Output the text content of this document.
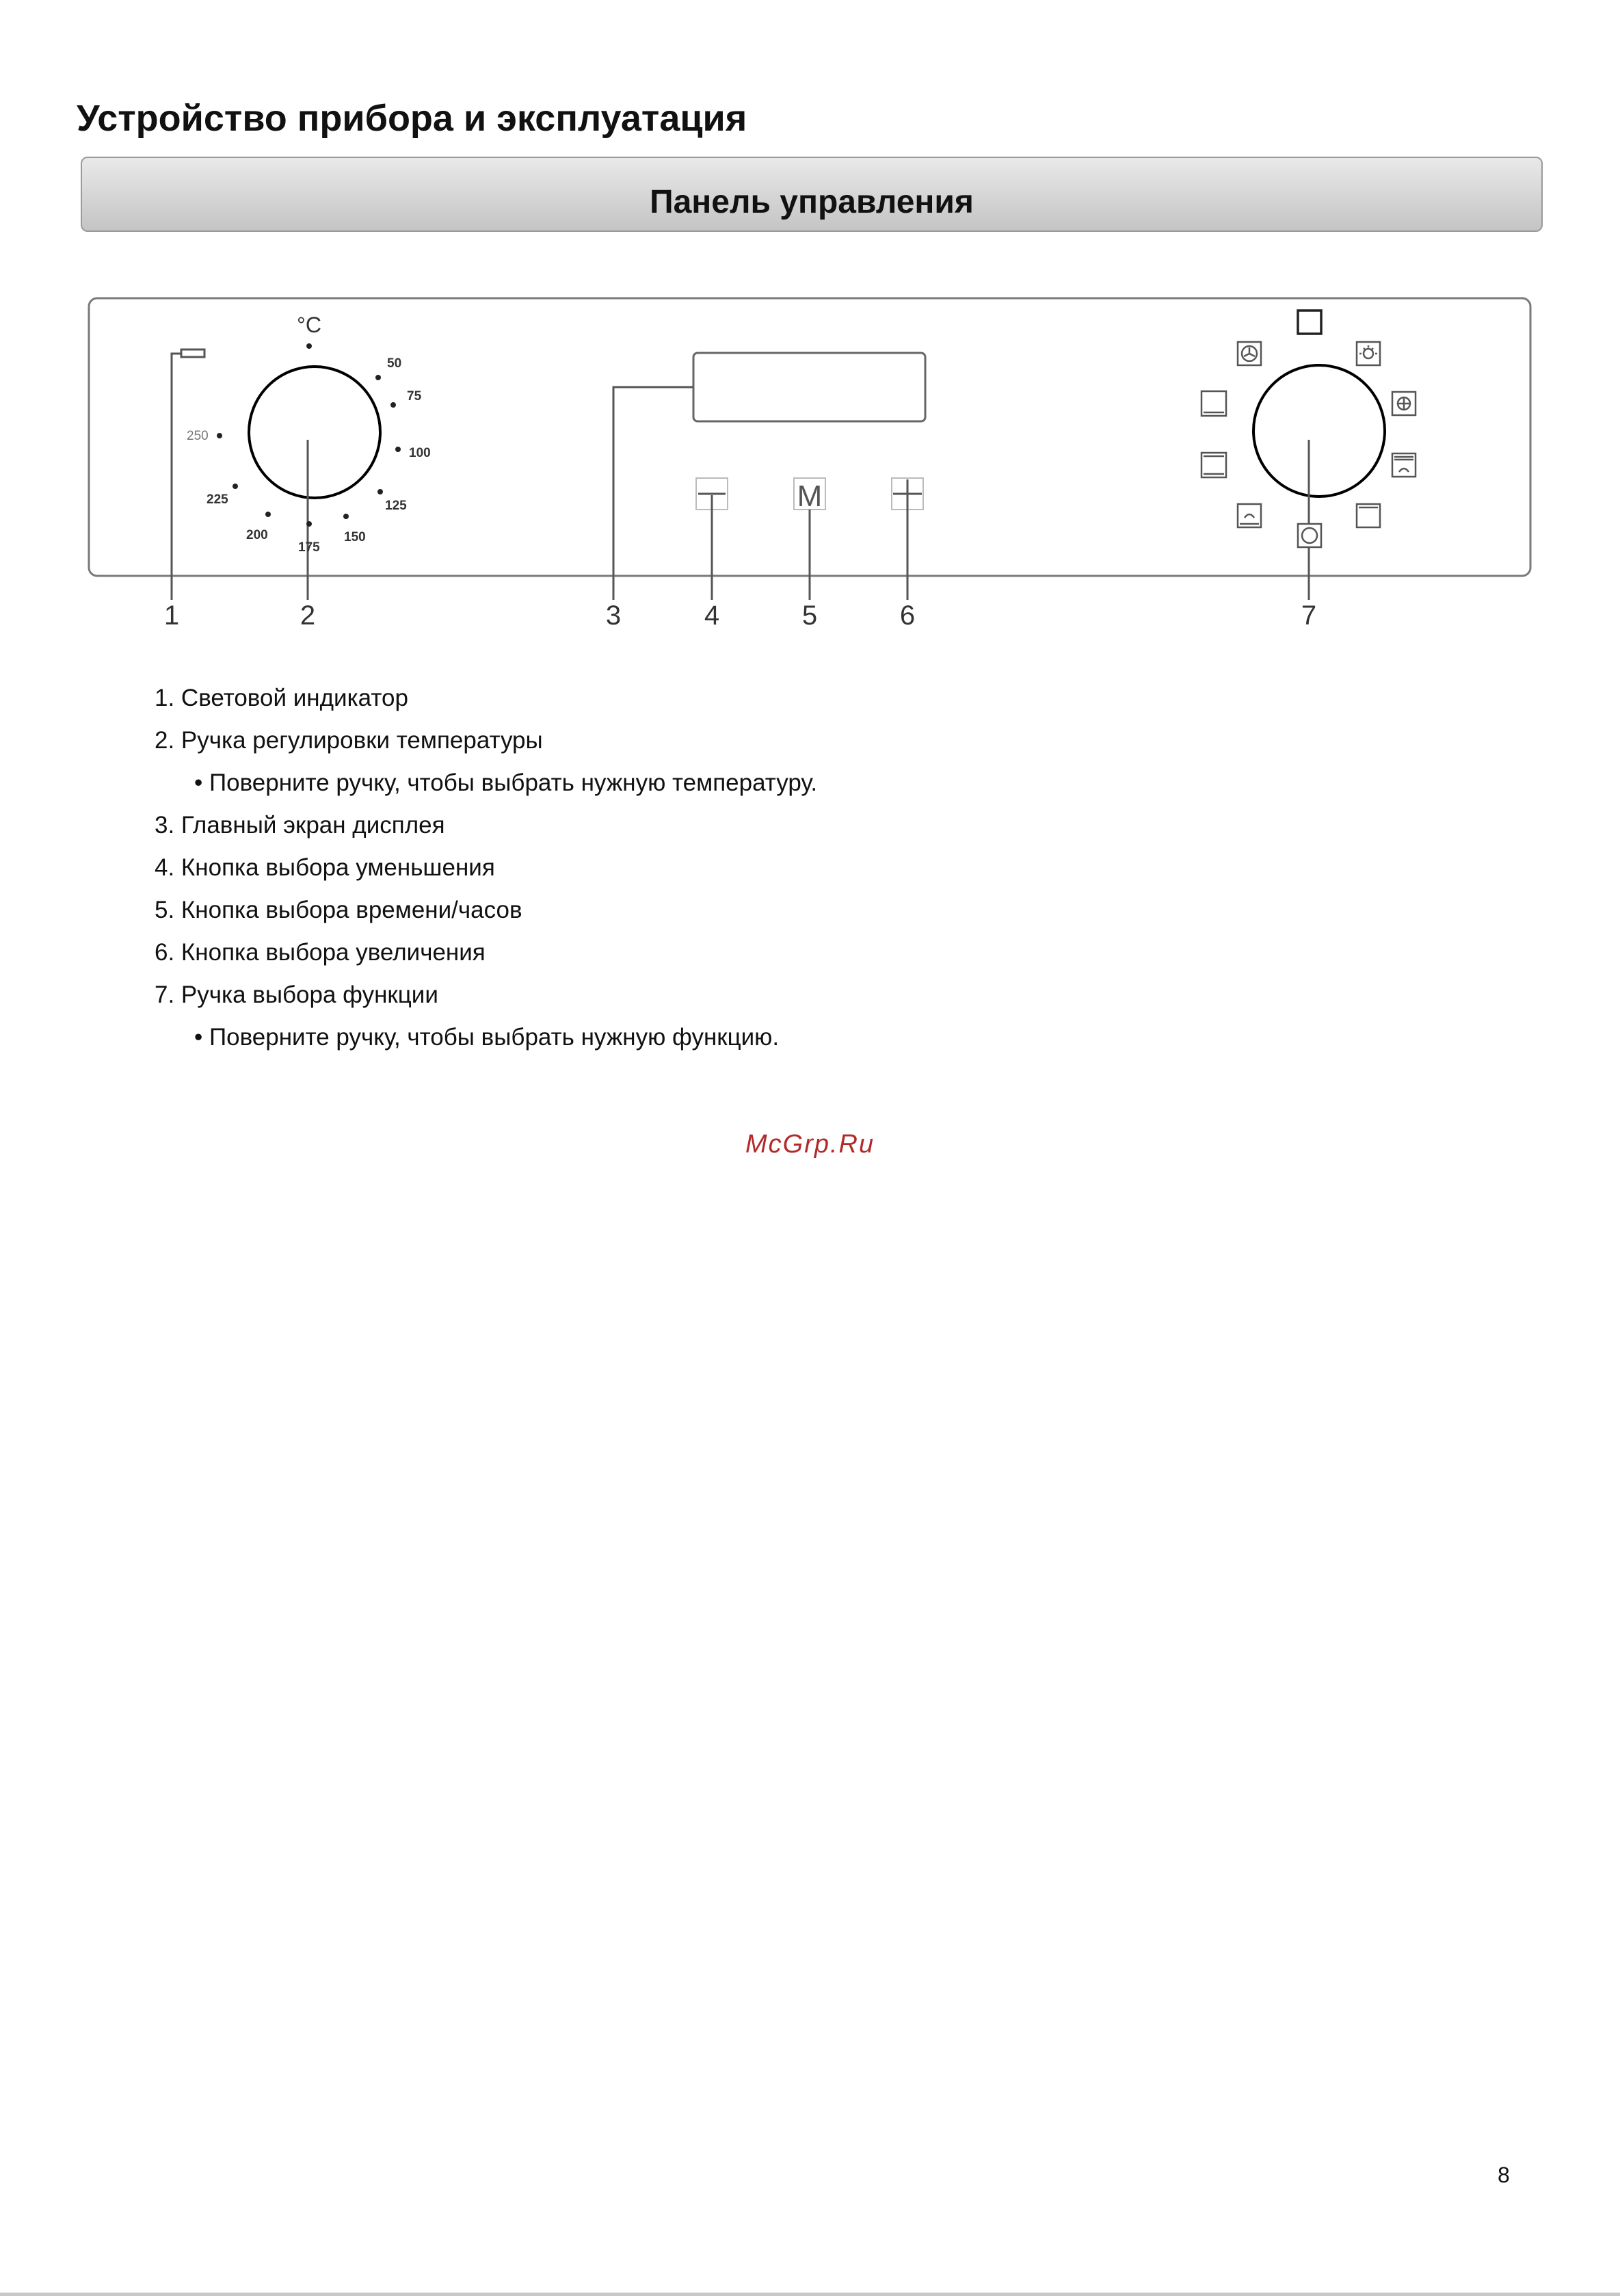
Устройство прибора и эксплуатация
Панель управления
°C
50
75
100
125
150
175
200
225
250
M
1	2	3	4	5	6	7
1. Световой индикатор
2. Ручка регулировки температуры
• Поверните ручку, чтобы выбрать нужную температуру.
3. Главный экран дисплея
4. Кнопка выбора уменьшения
5. Кнопка выбора времени/часов
6. Кнопка выбора увеличения
7. Ручка выбора функции
• Поверните ручку, чтобы выбрать нужную функцию.
McGrp.Ru
8
